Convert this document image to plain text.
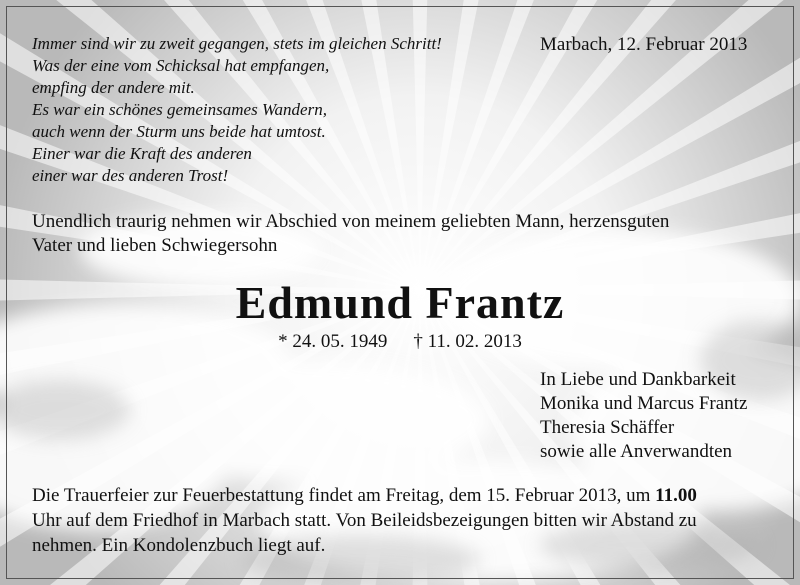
Immer sind wir zu zweit gegangen, stets im gleichen Schritt!
Was der eine vom Schicksal hat empfangen,
empfing der andere mit.
Es war ein schönes gemeinsames Wandern,
auch wenn der Sturm uns beide hat umtost.
Einer war die Kraft des anderen
einer war des anderen Trost!
Marbach, 12. Februar 2013
Unendlich traurig nehmen wir Abschied von meinem geliebten Mann, herzensguten
Vater und lieben Schwiegersohn
Edmund Frantz
* 24. 05. 1949 † 11. 02. 2013
In Liebe und Dankbarkeit
Monika und Marcus Frantz
Theresia Schäffer
sowie alle Anverwandten
Die Trauerfeier zur Feuerbestattung findet am Freitag, dem 15. Februar 2013, um 11.00
Uhr auf dem Friedhof in Marbach statt. Von Beileidsbezeigungen bitten wir Abstand zu
nehmen. Ein Kondolenzbuch liegt auf.
